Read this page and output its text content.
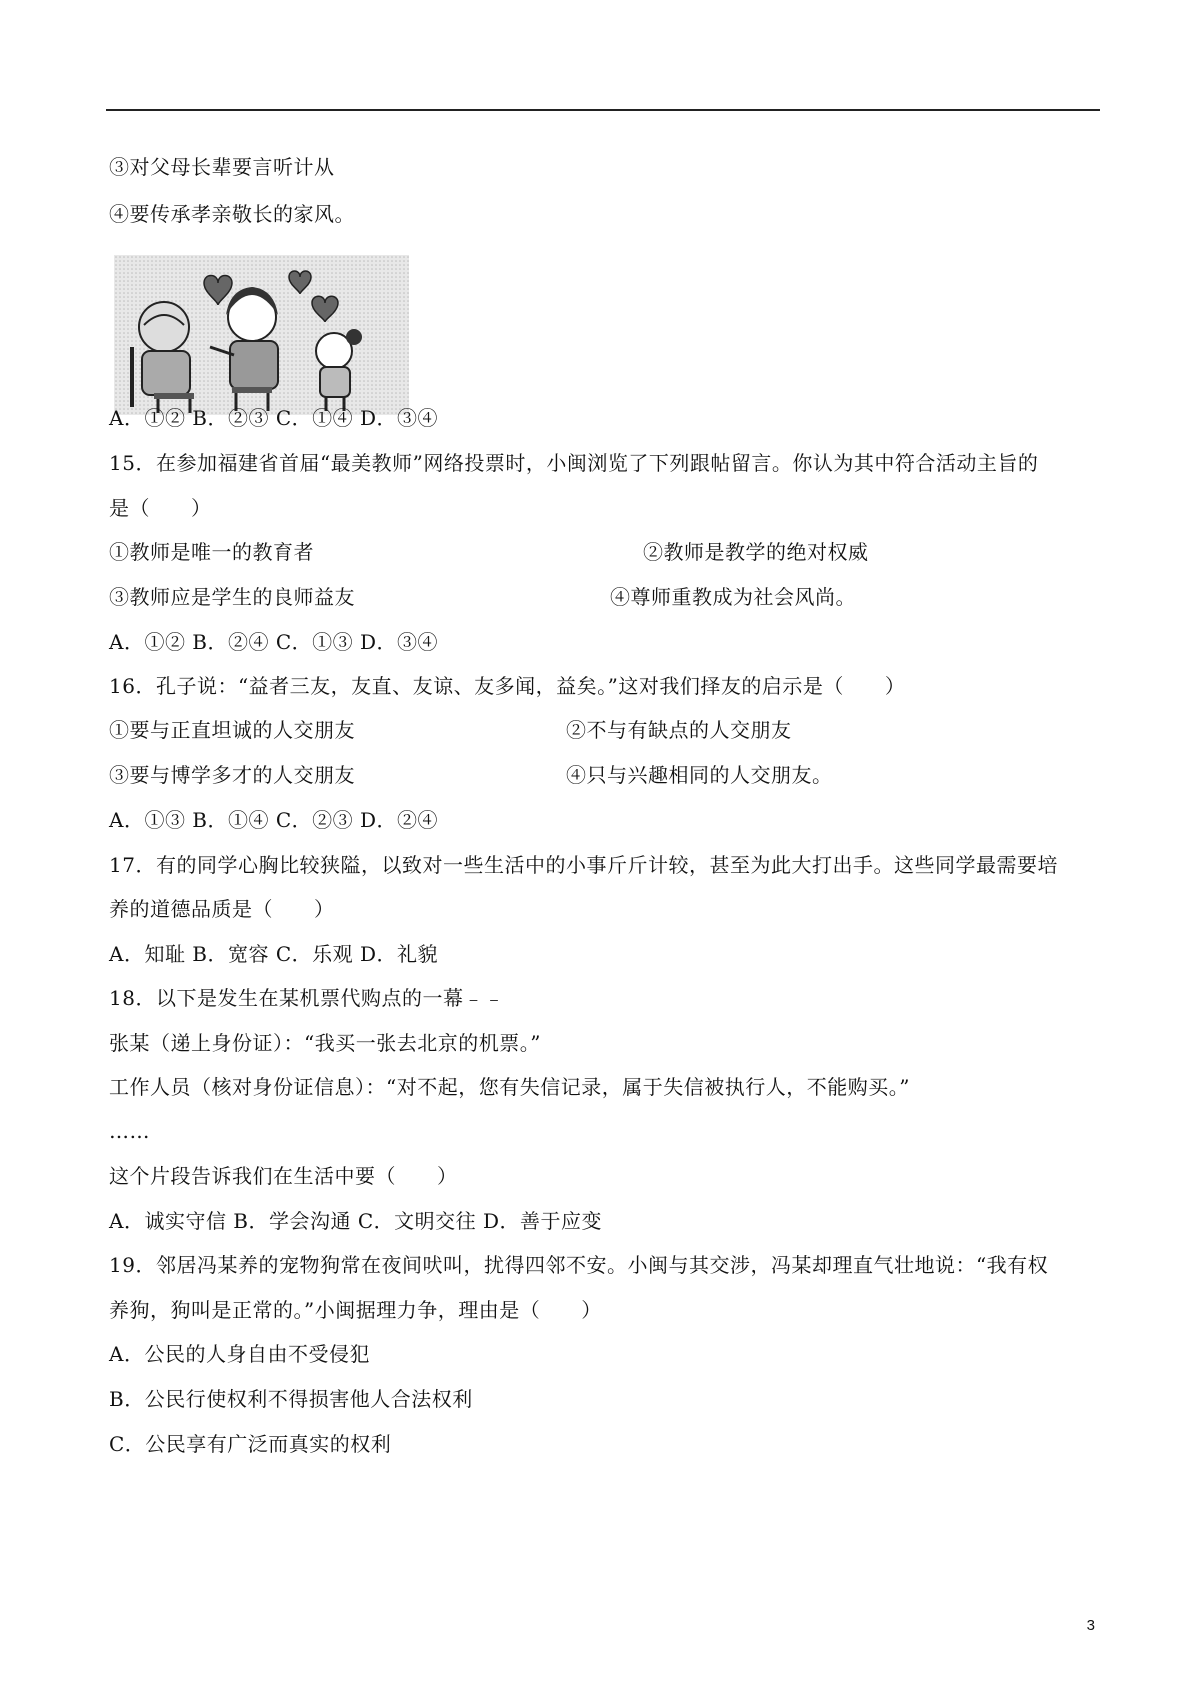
③对父母长辈要言听计从
④要传承孝亲敬长的家风。
A．①② B．②③ C．①④ D．③④
15．在参加福建省首届“最美教师”网络投票时，小闽浏览了下列跟帖留言。你认为其中符合活动主旨的
是（　　）
①教师是唯一的教育者	②教师是教学的绝对权威
③教师应是学生的良师益友	④尊师重教成为社会风尚。
A．①② B．②④ C．①③ D．③④
16．孔子说：“益者三友，友直、友谅、友多闻，益矣。”这对我们择友的启示是（　　）
①要与正直坦诚的人交朋友	②不与有缺点的人交朋友
③要与博学多才的人交朋友	④只与兴趣相同的人交朋友。
A．①③ B．①④ C．②③ D．②④
17．有的同学心胸比较狭隘，以致对一些生活中的小事斤斤计较，甚至为此大打出手。这些同学最需要培
养的道德品质是（　　）
A．知耻 B．宽容 C．乐观 D．礼貌
18．以下是发生在某机票代购点的一幕﹣﹣
张某（递上身份证）：“我买一张去北京的机票。”
工作人员（核对身份证信息）：“对不起，您有失信记录，属于失信被执行人，不能购买。”
……
这个片段告诉我们在生活中要（　　）
A．诚实守信 B．学会沟通 C．文明交往 D．善于应变
19．邻居冯某养的宠物狗常在夜间吠叫，扰得四邻不安。小闽与其交涉，冯某却理直气壮地说：“我有权
养狗，狗叫是正常的。”小闽据理力争，理由是（　　）
A．公民的人身自由不受侵犯
B．公民行使权利不得损害他人合法权利
C．公民享有广泛而真实的权利
3
